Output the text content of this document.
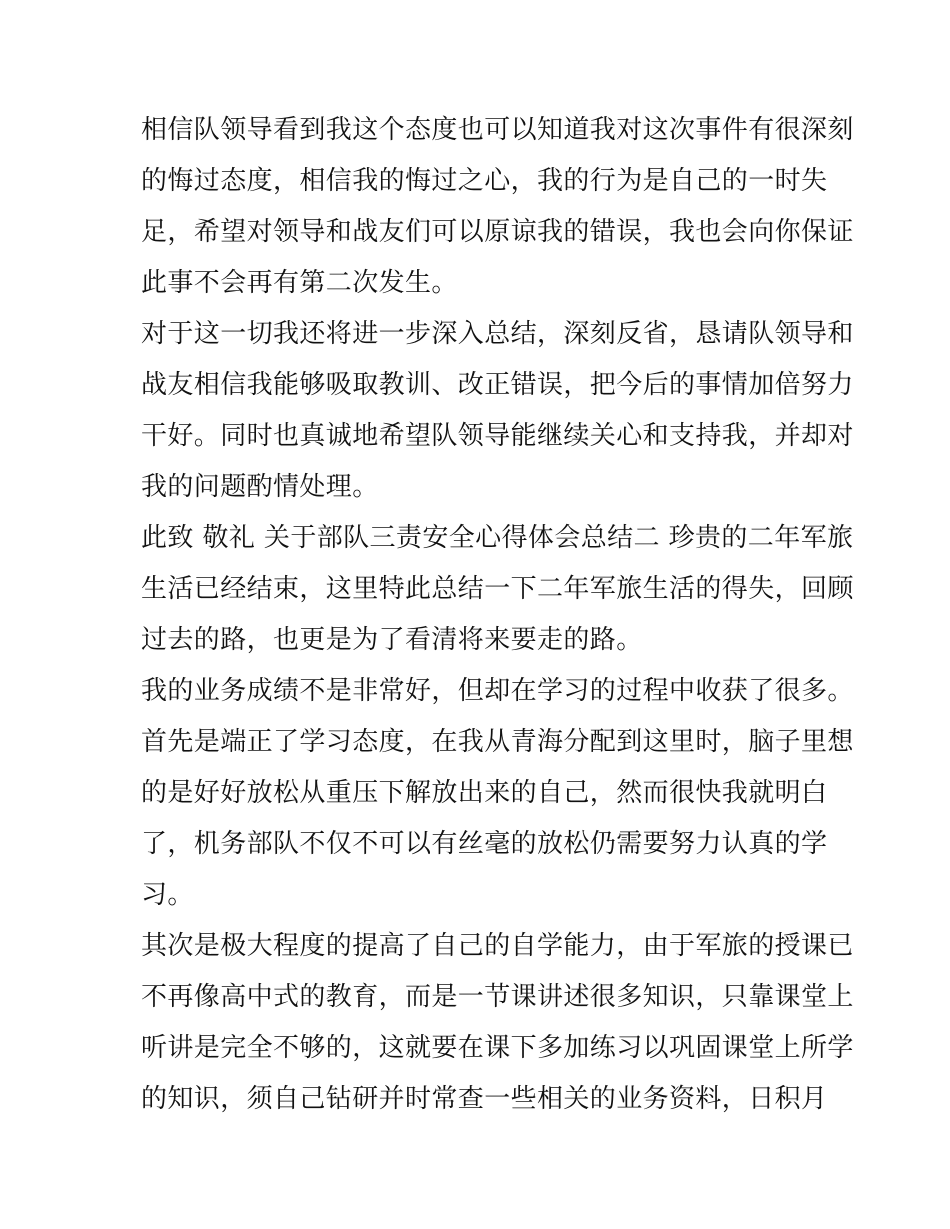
相信队领导看到我这个态度也可以知道我对这次事件有很深刻
的悔过态度，相信我的悔过之心，我的行为是自己的一时失
足，希望对领导和战友们可以原谅我的错误，我也会向你保证
此事不会再有第二次发生。
对于这一切我还将进一步深入总结，深刻反省，恳请队领导和
战友相信我能够吸取教训、改正错误，把今后的事情加倍努力
干好。同时也真诚地希望队领导能继续关心和支持我，并却对
我的问题酌情处理。
此致 敬礼 关于部队三责安全心得体会总结二 珍贵的二年军旅
生活已经结束，这里特此总结一下二年军旅生活的得失，回顾
过去的路，也更是为了看清将来要走的路。
我的业务成绩不是非常好，但却在学习的过程中收获了很多。
首先是端正了学习态度，在我从青海分配到这里时，脑子里想
的是好好放松从重压下解放出来的自己，然而很快我就明白
了，机务部队不仅不可以有丝毫的放松仍需要努力认真的学
习。
其次是极大程度的提高了自己的自学能力，由于军旅的授课已
不再像高中式的教育，而是一节课讲述很多知识，只靠课堂上
听讲是完全不够的，这就要在课下多加练习以巩固课堂上所学
的知识，须自己钻研并时常查一些相关的业务资料，日积月
